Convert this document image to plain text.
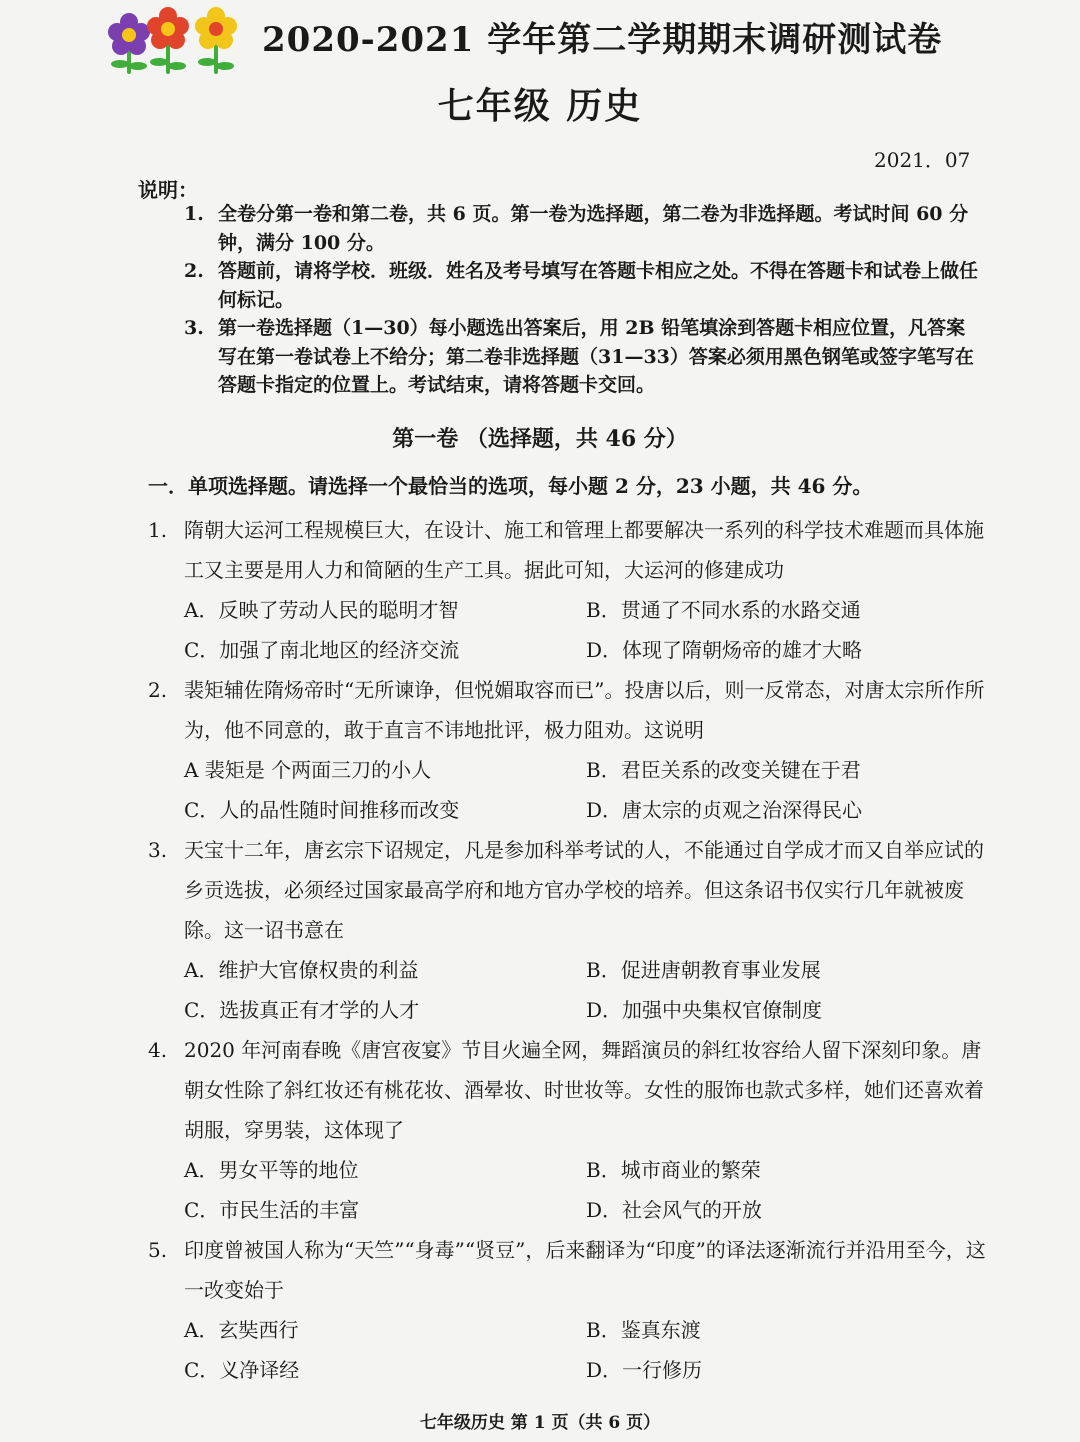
2020-2021 学年第二学期期末调研测试卷
七年级 历史
2021．07
说明：
1. 全卷分第一卷和第二卷，共 6 页。第一卷为选择题，第二卷为非选择题。考试时间 60 分钟，满分 100 分。
2. 答题前，请将学校．班级．姓名及考号填写在答题卡相应之处。不得在答题卡和试卷上做任何标记。
3. 第一卷选择题（1—30）每小题选出答案后，用 2B 铅笔填涂到答题卡相应位置，凡答案写在第一卷试卷上不给分；第二卷非选择题（31—33）答案必须用黑色钢笔或签字笔写在答题卡指定的位置上。考试结束，请将答题卡交回。
第一卷 （选择题，共 46 分）
一．单项选择题。请选择一个最恰当的选项，每小题 2 分，23 小题，共 46 分。
1. 隋朝大运河工程规模巨大，在设计、施工和管理上都要解决一系列的科学技术难题而具体施工又主要是用人力和简陋的生产工具。据此可知，大运河的修建成功
A．反映了劳动人民的聪明才智	B．贯通了不同水系的水路交通
C．加强了南北地区的经济交流	D．体现了隋朝炀帝的雄才大略
2. 裴矩辅佐隋炀帝时“无所谏诤，但悦媚取容而已”。投唐以后，则一反常态，对唐太宗所作所为，他不同意的，敢于直言不讳地批评，极力阻劝。这说明
A 裴矩是 个两面三刀的小人	B．君臣关系的改变关键在于君
C．人的品性随时间推移而改变	D．唐太宗的贞观之治深得民心
3. 天宝十二年，唐玄宗下诏规定，凡是参加科举考试的人，不能通过自学成才而又自举应试的乡贡选拔，必须经过国家最高学府和地方官办学校的培养。但这条诏书仅实行几年就被废除。这一诏书意在
A．维护大官僚权贵的利益	B．促进唐朝教育事业发展
C．选拔真正有才学的人才	D．加强中央集权官僚制度
4. 2020 年河南春晚《唐宫夜宴》节目火遍全网，舞蹈演员的斜红妆容给人留下深刻印象。唐朝女性除了斜红妆还有桃花妆、酒晕妆、时世妆等。女性的服饰也款式多样，她们还喜欢着胡服，穿男装，这体现了
A．男女平等的地位	B．城市商业的繁荣
C．市民生活的丰富	D．社会风气的开放
5. 印度曾被国人称为“天竺”“身毒”“贤豆”，后来翻译为“印度”的译法逐渐流行并沿用至今，这一改变始于
A．玄奘西行	B．鉴真东渡
C．义净译经	D．一行修历
七年级历史 第 1 页（共 6 页）
